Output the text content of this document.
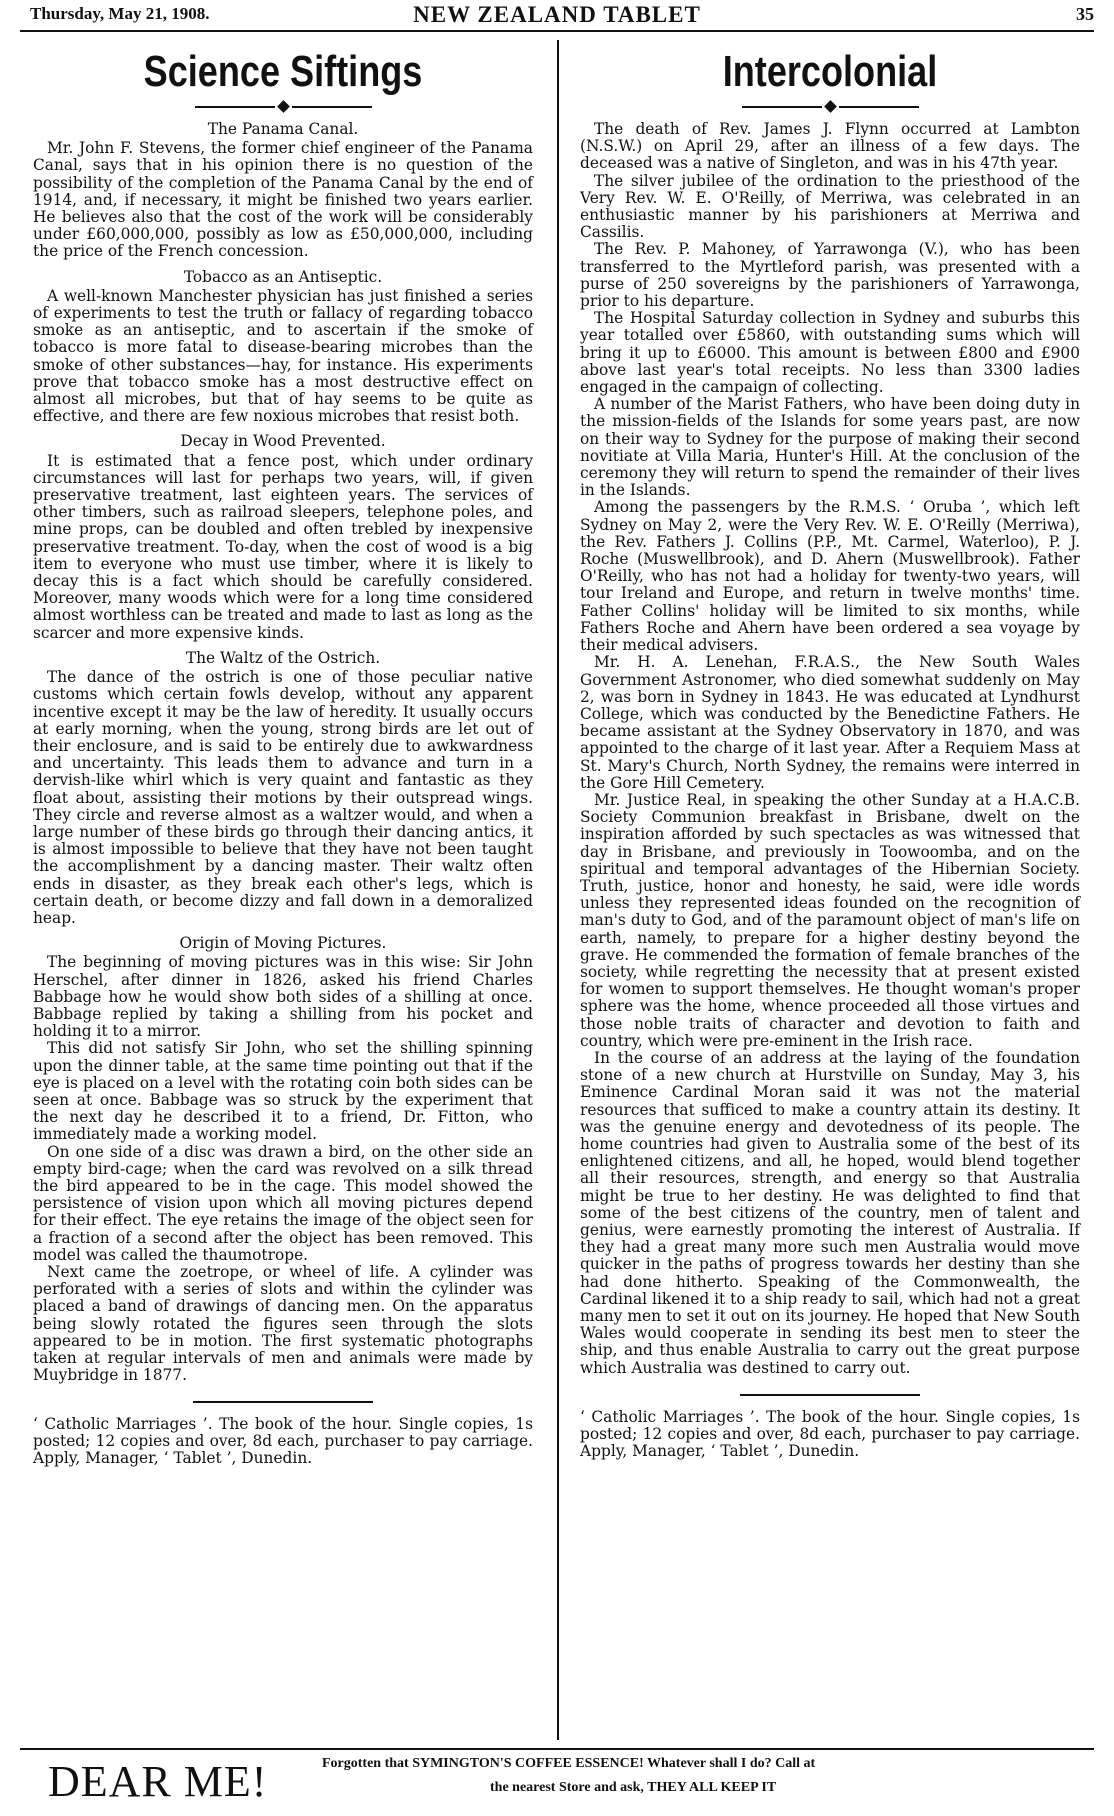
Thursday, May 21, 1908.	NEW ZEALAND TABLET	35
Science Siftings
The Panama Canal.

Mr. John F. Stevens, the former chief engineer of the Panama Canal, says that in his opinion there is no question of the possibility of the completion of the Panama Canal by the end of 1914, and, if necessary, it might be finished two years earlier. He believes also that the cost of the work will be considerably under £60,000,000, possibly as low as £50,000,000, including the price of the French concession.

Tobacco as an Antiseptic.

A well-known Manchester physician has just finished a series of experiments to test the truth or fallacy of regarding tobacco smoke as an antiseptic, and to ascertain if the smoke of tobacco is more fatal to disease-bearing microbes than the smoke of other substances—hay, for instance. His experiments prove that tobacco smoke has a most destructive effect on almost all microbes, but that of hay seems to be quite as effective, and there are few noxious microbes that resist both.

Decay in Wood Prevented.

It is estimated that a fence post, which under ordinary circumstances will last for perhaps two years, will, if given preservative treatment, last eighteen years. The services of other timbers, such as railroad sleepers, telephone poles, and mine props, can be doubled and often trebled by inexpensive preservative treatment. To-day, when the cost of wood is a big item to everyone who must use timber, where it is likely to decay this is a fact which should be carefully considered. Moreover, many woods which were for a long time considered almost worthless can be treated and made to last as long as the scarcer and more expensive kinds.

The Waltz of the Ostrich.

The dance of the ostrich is one of those peculiar native customs which certain fowls develop, without any apparent incentive except it may be the law of heredity. It usually occurs at early morning, when the young, strong birds are let out of their enclosure, and is said to be entirely due to awkwardness and uncertainty. This leads them to advance and turn in a dervish-like whirl which is very quaint and fantastic as they float about, assisting their motions by their outspread wings. They circle and reverse almost as a waltzer would, and when a large number of these birds go through their dancing antics, it is almost impossible to believe that they have not been taught the accomplishment by a dancing master. Their waltz often ends in disaster, as they break each other's legs, which is certain death, or become dizzy and fall down in a demoralized heap.

Origin of Moving Pictures.

The beginning of moving pictures was in this wise: Sir John Herschel, after dinner in 1826, asked his friend Charles Babbage how he would show both sides of a shilling at once. Babbage replied by taking a shilling from his pocket and holding it to a mirror.

This did not satisfy Sir John, who set the shilling spinning upon the dinner table, at the same time pointing out that if the eye is placed on a level with the rotating coin both sides can be seen at once. Babbage was so struck by the experiment that the next day he described it to a friend, Dr. Fitton, who immediately made a working model.

On one side of a disc was drawn a bird, on the other side an empty bird-cage; when the card was revolved on a silk thread the bird appeared to be in the cage. This model showed the persistence of vision upon which all moving pictures depend for their effect. The eye retains the image of the object seen for a fraction of a second after the object has been removed. This model was called the thaumotrope.

Next came the zoetrope, or wheel of life. A cylinder was perforated with a series of slots and within the cylinder was placed a band of drawings of dancing men. On the apparatus being slowly rotated the figures seen through the slots appeared to be in motion. The first systematic photographs taken at regular intervals of men and animals were made by Muybridge in 1877.

‘ Catholic Marriages ’. The book of the hour. Single copies, 1s posted; 12 copies and over, 8d each, purchaser to pay carriage. Apply, Manager, ‘ Tablet ’, Dunedin.

Intercolonial

The death of Rev. James J. Flynn occurred at Lambton (N.S.W.) on April 29, after an illness of a few days. The deceased was a native of Singleton, and was in his 47th year.

The silver jubilee of the ordination to the priesthood of the Very Rev. W. E. O'Reilly, of Merriwa, was celebrated in an enthusiastic manner by his parishioners at Merriwa and Cassilis.

The Rev. P. Mahoney, of Yarrawonga (V.), who has been transferred to the Myrtleford parish, was presented with a purse of 250 sovereigns by the parishioners of Yarrawonga, prior to his departure.

The Hospital Saturday collection in Sydney and suburbs this year totalled over £5860, with outstanding sums which will bring it up to £6000. This amount is between £800 and £900 above last year's total receipts. No less than 3300 ladies engaged in the campaign of collecting.

A number of the Marist Fathers, who have been doing duty in the mission-fields of the Islands for some years past, are now on their way to Sydney for the purpose of making their second novitiate at Villa Maria, Hunter's Hill. At the conclusion of the ceremony they will return to spend the remainder of their lives in the Islands.

Among the passengers by the R.M.S. ‘ Oruba ’, which left Sydney on May 2, were the Very Rev. W. E. O'Reilly (Merriwa), the Rev. Fathers J. Collins (P.P., Mt. Carmel, Waterloo), P. J. Roche (Muswellbrook), and D. Ahern (Muswellbrook). Father O'Reilly, who has not had a holiday for twenty-two years, will tour Ireland and Europe, and return in twelve months' time. Father Collins' holiday will be limited to six months, while Fathers Roche and Ahern have been ordered a sea voyage by their medical advisers.

Mr. H. A. Lenehan, F.R.A.S., the New South Wales Government Astronomer, who died somewhat suddenly on May 2, was born in Sydney in 1843. He was educated at Lyndhurst College, which was conducted by the Benedictine Fathers. He became assistant at the Sydney Observatory in 1870, and was appointed to the charge of it last year. After a Requiem Mass at St. Mary's Church, North Sydney, the remains were interred in the Gore Hill Cemetery.

Mr. Justice Real, in speaking the other Sunday at a H.A.C.B. Society Communion breakfast in Brisbane, dwelt on the inspiration afforded by such spectacles as was witnessed that day in Brisbane, and previously in Toowoomba, and on the spiritual and temporal advantages of the Hibernian Society. Truth, justice, honor and honesty, he said, were idle words unless they represented ideas founded on the recognition of man's duty to God, and of the paramount object of man's life on earth, namely, to prepare for a higher destiny beyond the grave. He commended the formation of female branches of the society, while regretting the necessity that at present existed for women to support themselves. He thought woman's proper sphere was the home, whence proceeded all those virtues and those noble traits of character and devotion to faith and country, which were pre-eminent in the Irish race.

In the course of an address at the laying of the foundation stone of a new church at Hurstville on Sunday, May 3, his Eminence Cardinal Moran said it was not the material resources that sufficed to make a country attain its destiny. It was the genuine energy and devotedness of its people. The home countries had given to Australia some of the best of its enlightened citizens, and all, he hoped, would blend together all their resources, strength, and energy so that Australia might be true to her destiny. He was delighted to find that some of the best citizens of the country, men of talent and genius, were earnestly promoting the interest of Australia. If they had a great many more such men Australia would move quicker in the paths of progress towards her destiny than she had done hitherto. Speaking of the Commonwealth, the Cardinal likened it to a ship ready to sail, which had not a great many men to set it out on its journey. He hoped that New South Wales would cooperate in sending its best men to steer the ship, and thus enable Australia to carry out the great purpose which Australia was destined to carry out.

‘ Catholic Marriages ’. The book of the hour. Single copies, 1s posted; 12 copies and over, 8d each, purchaser to pay carriage. Apply, Manager, ‘ Tablet ’, Dunedin.

DEAR ME!	Forgotten that SYMINGTON'S COFFEE ESSENCE! Whatever shall I do? Call at
the nearest Store and ask, THEY ALL KEEP IT
